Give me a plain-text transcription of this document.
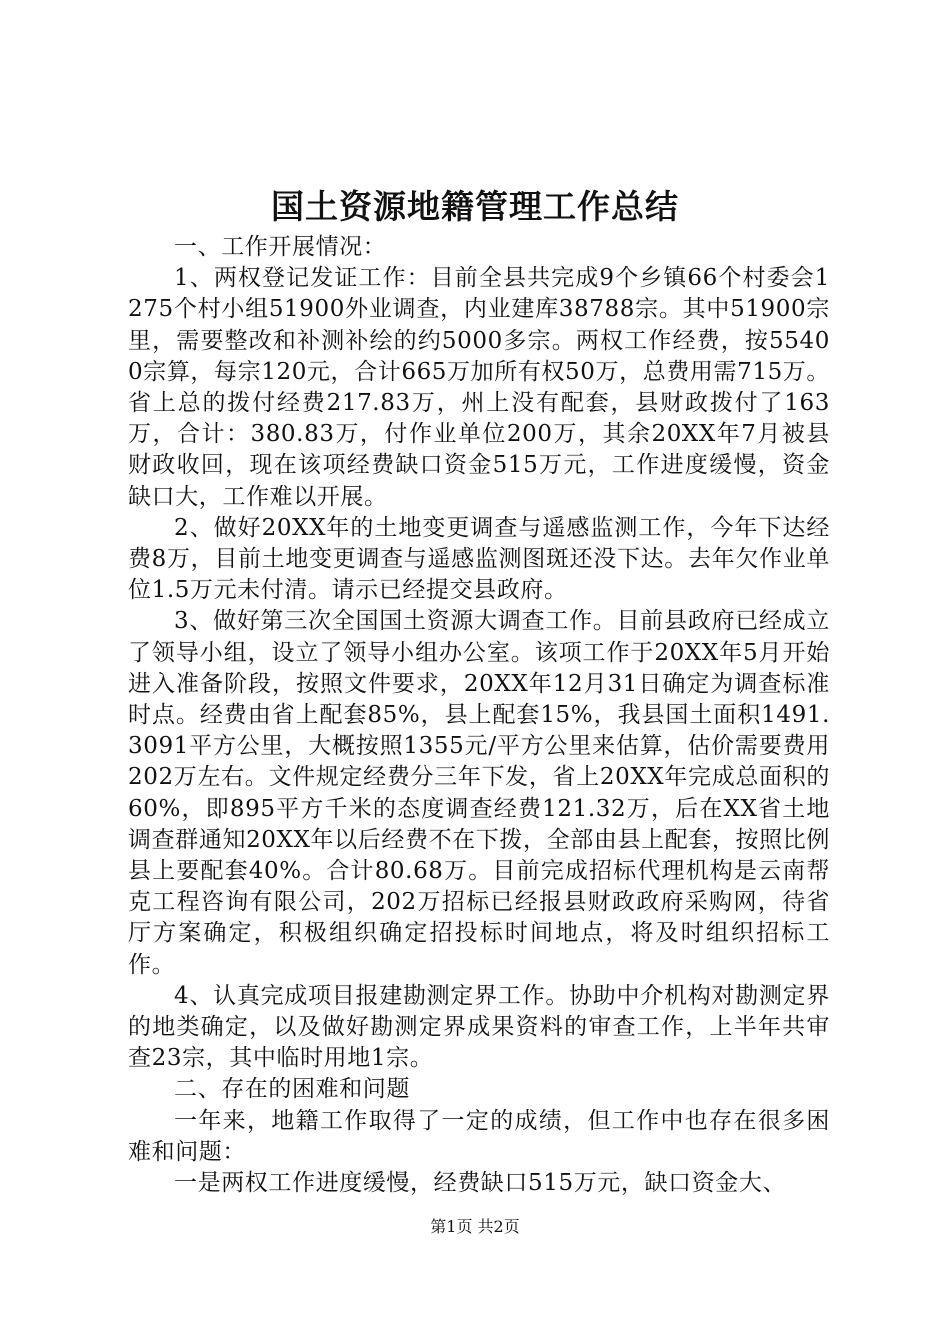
国土资源地籍管理工作总结

一、工作开展情况：

1、两权登记发证工作：目前全县共完成9个乡镇66个村委会1275个村小组51900外业调查，内业建库38788宗。其中51900宗里，需要整改和补测补绘的约5000多宗。两权工作经费，按55400宗算，每宗120元，合计665万加所有权50万，总费用需715万。省上总的拨付经费217.83万，州上没有配套，县财政拨付了163万，合计：380.83万，付作业单位200万，其余20XX年7月被县财政收回，现在该项经费缺口资金515万元，工作进度缓慢，资金缺口大，工作难以开展。

2、做好20XX年的土地变更调查与遥感监测工作，今年下达经费8万，目前土地变更调查与遥感监测图斑还没下达。去年欠作业单位1.5万元未付清。请示已经提交县政府。

3、做好第三次全国国土资源大调查工作。目前县政府已经成立了领导小组，设立了领导小组办公室。该项工作于20XX年5月开始进入准备阶段，按照文件要求，20XX年12月31日确定为调查标准时点。经费由省上配套85%，县上配套15%，我县国土面积1491.3091平方公里，大概按照1355元/平方公里来估算，估价需要费用202万左右。文件规定经费分三年下发，省上20XX年完成总面积的60%，即895平方千米的态度调查经费121.32万，后在XX省土地调查群通知20XX年以后经费不在下拨，全部由县上配套，按照比例县上要配套40%。合计80.68万。目前完成招标代理机构是云南帮克工程咨询有限公司，202万招标已经报县财政政府采购网，待省厅方案确定，积极组织确定招投标时间地点，将及时组织招标工作。

4、认真完成项目报建勘测定界工作。协助中介机构对勘测定界的地类确定，以及做好勘测定界成果资料的审查工作，上半年共审查23宗，其中临时用地1宗。

二、存在的困难和问题

一年来，地籍工作取得了一定的成绩，但工作中也存在很多困难和问题：

一是两权工作进度缓慢，经费缺口515万元，缺口资金大、

第1页 共2页
